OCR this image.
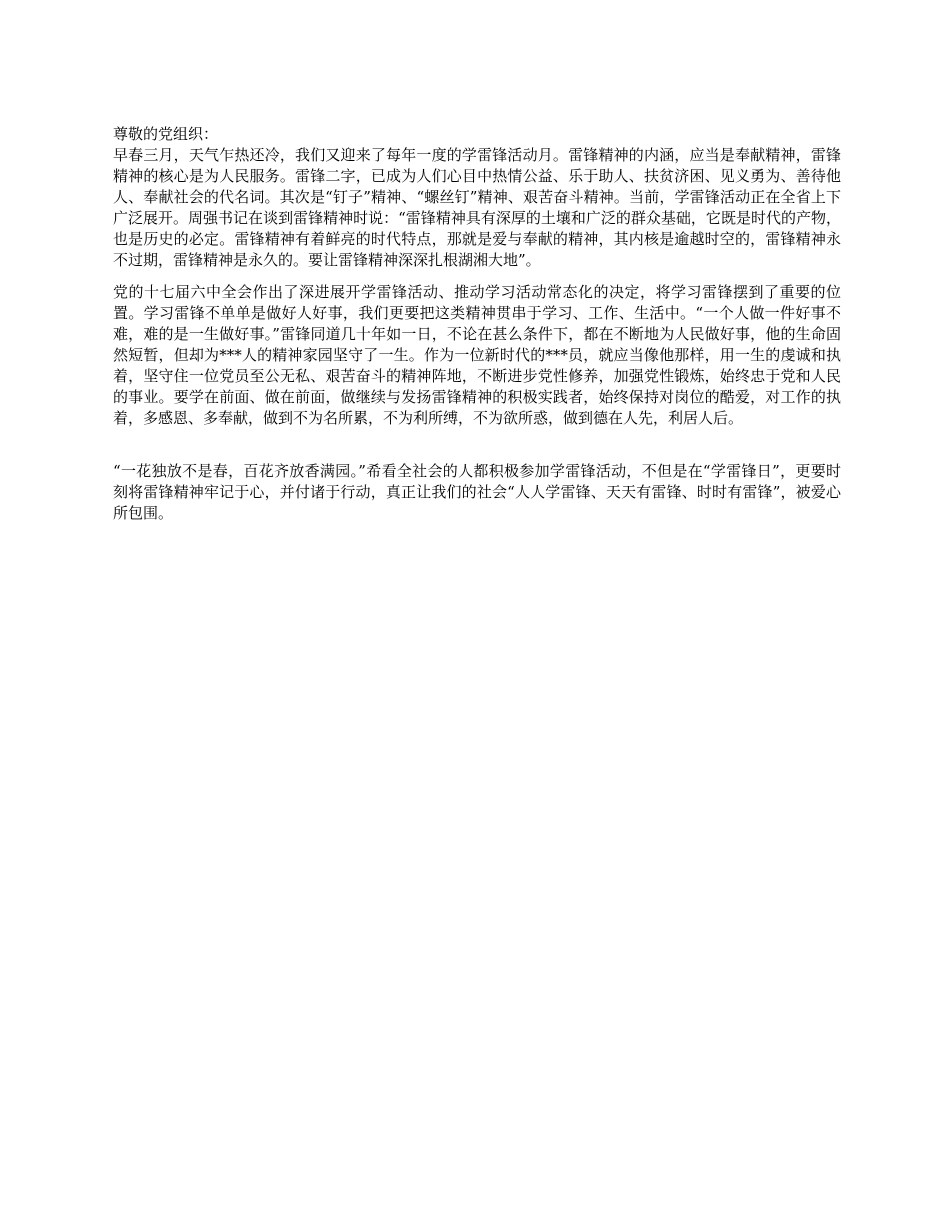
尊敬的党组织：

早春三月，天气乍热还冷，我们又迎来了每年一度的学雷锋活动月。雷锋精神的内涵，应当是奉献精神，雷锋精神的核心是为人民服务。雷锋二字，已成为人们心目中热情公益、乐于助人、扶贫济困、见义勇为、善待他人、奉献社会的代名词。其次是“钉子”精神、“螺丝钉”精神、艰苦奋斗精神。当前，学雷锋活动正在全省上下广泛展开。周强书记在谈到雷锋精神时说：“雷锋精神具有深厚的土壤和广泛的群众基础，它既是时代的产物，也是历史的必定。雷锋精神有着鲜亮的时代特点，那就是爱与奉献的精神，其内核是逾越时空的，雷锋精神永不过期，雷锋精神是永久的。要让雷锋精神深深扎根湖湘大地”。

党的十七届六中全会作出了深进展开学雷锋活动、推动学习活动常态化的决定，将学习雷锋摆到了重要的位置。学习雷锋不单单是做好人好事，我们更要把这类精神贯串于学习、工作、生活中。“一个人做一件好事不难，难的是一生做好事。”雷锋同道几十年如一日，不论在甚么条件下，都在不断地为人民做好事，他的生命固然短暂，但却为***人的精神家园坚守了一生。作为一位新时代的***员，就应当像他那样，用一生的虔诚和执着，坚守住一位党员至公无私、艰苦奋斗的精神阵地，不断进步党性修养，加强党性锻炼，始终忠于党和人民的事业。要学在前面、做在前面，做继续与发扬雷锋精神的积极实践者，始终保持对岗位的酷爱，对工作的执着，多感恩、多奉献，做到不为名所累，不为利所缚，不为欲所惑，做到德在人先，利居人后。

“一花独放不是春，百花齐放香满园。”希看全社会的人都积极参加学雷锋活动，不但是在“学雷锋日”，更要时刻将雷锋精神牢记于心，并付诸于行动，真正让我们的社会“人人学雷锋、天天有雷锋、时时有雷锋”，被爱心所包围。
